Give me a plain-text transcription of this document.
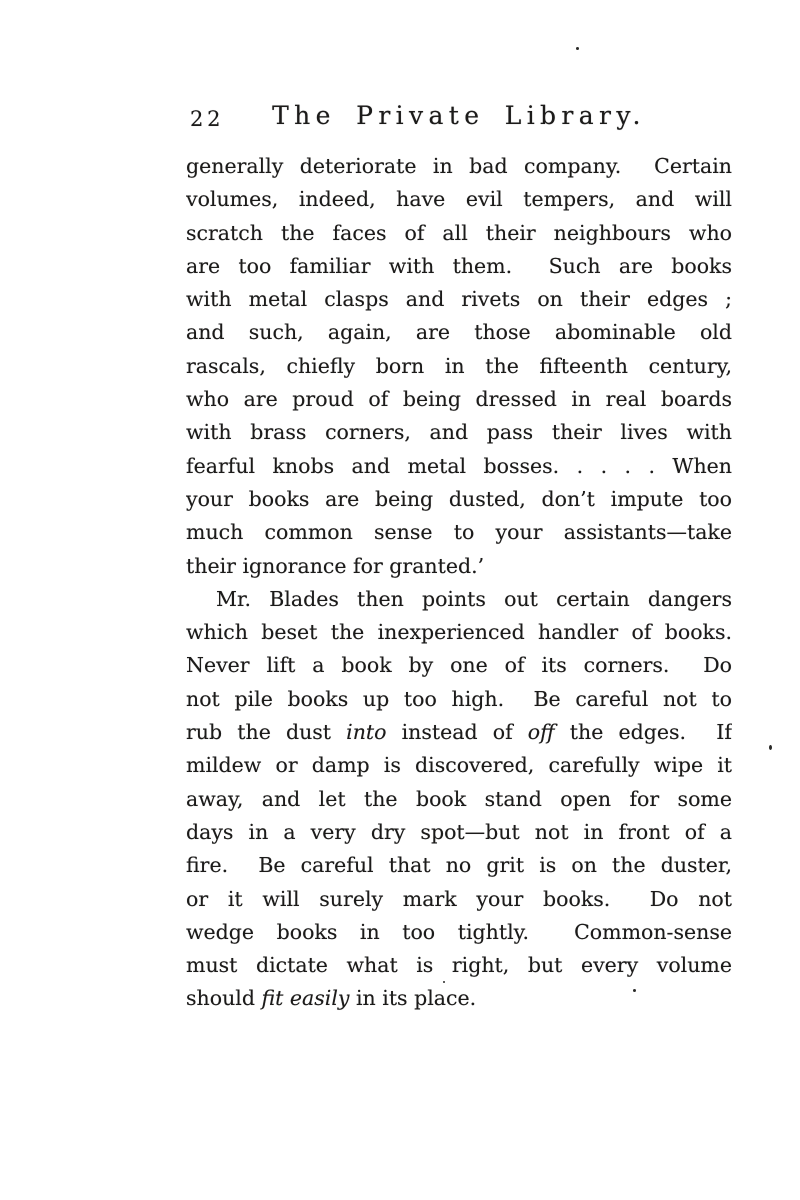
22	The Private Library.
generally deteriorate in bad company.  Certain
volumes, indeed, have evil tempers, and will
scratch the faces of all their neighbours who
are too familiar with them.  Such are books
with metal clasps and rivets on their edges ;
and such, again, are those abominable old
rascals, chiefly born in the fifteenth century,
who are proud of being dressed in real boards
with brass corners, and pass their lives with
fearful knobs and metal bosses. . . . . When
your books are being dusted, don’t impute too
much common sense to your assistants—take
their ignorance for granted.’
Mr. Blades then points out certain dangers
which beset the inexperienced handler of books.
Never lift a book by one of its corners.  Do
not pile books up too high.  Be careful not to
rub the dust into instead of off the edges.  If
mildew or damp is discovered, carefully wipe it
away, and let the book stand open for some
days in a very dry spot—but not in front of a
fire.  Be careful that no grit is on the duster,
or it will surely mark your books.  Do not
wedge books in too tightly.  Common-sense
must dictate what is right, but every volume
should fit easily in its place.
